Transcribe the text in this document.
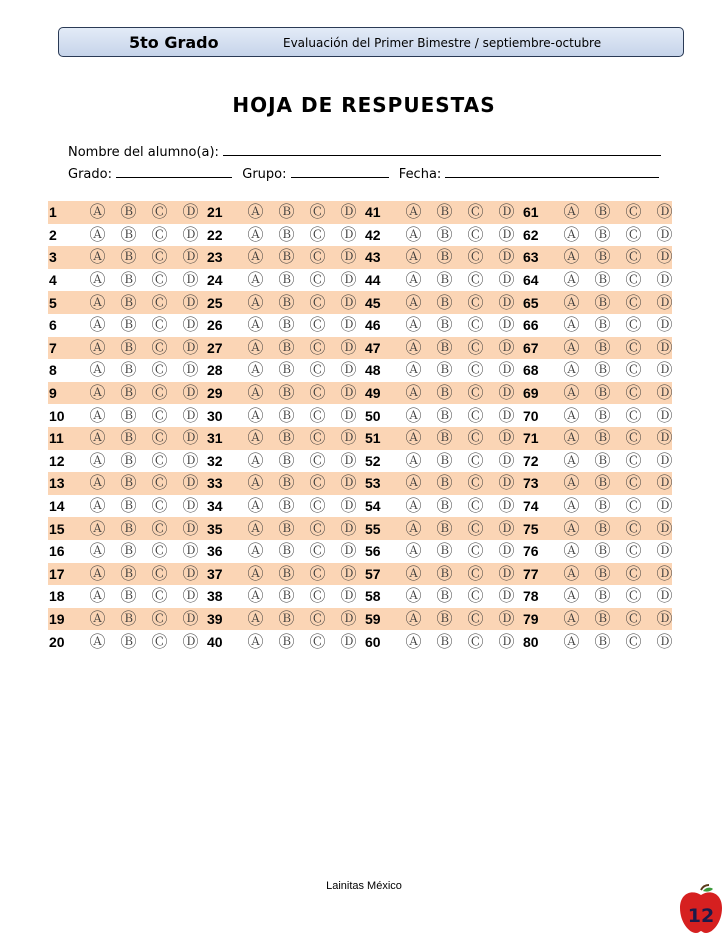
5to Grado	Evaluación del Primer Bimestre / septiembre-octubre
HOJA DE RESPUESTAS
Nombre del alumno(a):
Grado:	Grupo:	Fecha:
1	Ⓐ Ⓑ Ⓒ Ⓓ 21	Ⓐ Ⓑ Ⓒ Ⓓ 41	Ⓐ Ⓑ Ⓒ Ⓓ 61	Ⓐ Ⓑ Ⓒ Ⓓ
2	Ⓐ Ⓑ Ⓒ Ⓓ 22	Ⓐ Ⓑ Ⓒ Ⓓ 42	Ⓐ Ⓑ Ⓒ Ⓓ 62	Ⓐ Ⓑ Ⓒ Ⓓ
3	Ⓐ Ⓑ Ⓒ Ⓓ 23	Ⓐ Ⓑ Ⓒ Ⓓ 43	Ⓐ Ⓑ Ⓒ Ⓓ 63	Ⓐ Ⓑ Ⓒ Ⓓ
4	Ⓐ Ⓑ Ⓒ Ⓓ 24	Ⓐ Ⓑ Ⓒ Ⓓ 44	Ⓐ Ⓑ Ⓒ Ⓓ 64	Ⓐ Ⓑ Ⓒ Ⓓ
5	Ⓐ Ⓑ Ⓒ Ⓓ 25	Ⓐ Ⓑ Ⓒ Ⓓ 45	Ⓐ Ⓑ Ⓒ Ⓓ 65	Ⓐ Ⓑ Ⓒ Ⓓ
6	Ⓐ Ⓑ Ⓒ Ⓓ 26	Ⓐ Ⓑ Ⓒ Ⓓ 46	Ⓐ Ⓑ Ⓒ Ⓓ 66	Ⓐ Ⓑ Ⓒ Ⓓ
7	Ⓐ Ⓑ Ⓒ Ⓓ 27	Ⓐ Ⓑ Ⓒ Ⓓ 47	Ⓐ Ⓑ Ⓒ Ⓓ 67	Ⓐ Ⓑ Ⓒ Ⓓ
8	Ⓐ Ⓑ Ⓒ Ⓓ 28	Ⓐ Ⓑ Ⓒ Ⓓ 48	Ⓐ Ⓑ Ⓒ Ⓓ 68	Ⓐ Ⓑ Ⓒ Ⓓ
9	Ⓐ Ⓑ Ⓒ Ⓓ 29	Ⓐ Ⓑ Ⓒ Ⓓ 49	Ⓐ Ⓑ Ⓒ Ⓓ 69	Ⓐ Ⓑ Ⓒ Ⓓ
10	Ⓐ Ⓑ Ⓒ Ⓓ 30	Ⓐ Ⓑ Ⓒ Ⓓ 50	Ⓐ Ⓑ Ⓒ Ⓓ 70	Ⓐ Ⓑ Ⓒ Ⓓ
11	Ⓐ Ⓑ Ⓒ Ⓓ 31	Ⓐ Ⓑ Ⓒ Ⓓ 51	Ⓐ Ⓑ Ⓒ Ⓓ 71	Ⓐ Ⓑ Ⓒ Ⓓ
12	Ⓐ Ⓑ Ⓒ Ⓓ 32	Ⓐ Ⓑ Ⓒ Ⓓ 52	Ⓐ Ⓑ Ⓒ Ⓓ 72	Ⓐ Ⓑ Ⓒ Ⓓ
13	Ⓐ Ⓑ Ⓒ Ⓓ 33	Ⓐ Ⓑ Ⓒ Ⓓ 53	Ⓐ Ⓑ Ⓒ Ⓓ 73	Ⓐ Ⓑ Ⓒ Ⓓ
14	Ⓐ Ⓑ Ⓒ Ⓓ 34	Ⓐ Ⓑ Ⓒ Ⓓ 54	Ⓐ Ⓑ Ⓒ Ⓓ 74	Ⓐ Ⓑ Ⓒ Ⓓ
15	Ⓐ Ⓑ Ⓒ Ⓓ 35	Ⓐ Ⓑ Ⓒ Ⓓ 55	Ⓐ Ⓑ Ⓒ Ⓓ 75	Ⓐ Ⓑ Ⓒ Ⓓ
16	Ⓐ Ⓑ Ⓒ Ⓓ 36	Ⓐ Ⓑ Ⓒ Ⓓ 56	Ⓐ Ⓑ Ⓒ Ⓓ 76	Ⓐ Ⓑ Ⓒ Ⓓ
17	Ⓐ Ⓑ Ⓒ Ⓓ 37	Ⓐ Ⓑ Ⓒ Ⓓ 57	Ⓐ Ⓑ Ⓒ Ⓓ 77	Ⓐ Ⓑ Ⓒ Ⓓ
18	Ⓐ Ⓑ Ⓒ Ⓓ 38	Ⓐ Ⓑ Ⓒ Ⓓ 58	Ⓐ Ⓑ Ⓒ Ⓓ 78	Ⓐ Ⓑ Ⓒ Ⓓ
19	Ⓐ Ⓑ Ⓒ Ⓓ 39	Ⓐ Ⓑ Ⓒ Ⓓ 59	Ⓐ Ⓑ Ⓒ Ⓓ 79	Ⓐ Ⓑ Ⓒ Ⓓ
20	Ⓐ Ⓑ Ⓒ Ⓓ 40	Ⓐ Ⓑ Ⓒ Ⓓ 60	Ⓐ Ⓑ Ⓒ Ⓓ 80	Ⓐ Ⓑ Ⓒ Ⓓ
Lainitas México
12
